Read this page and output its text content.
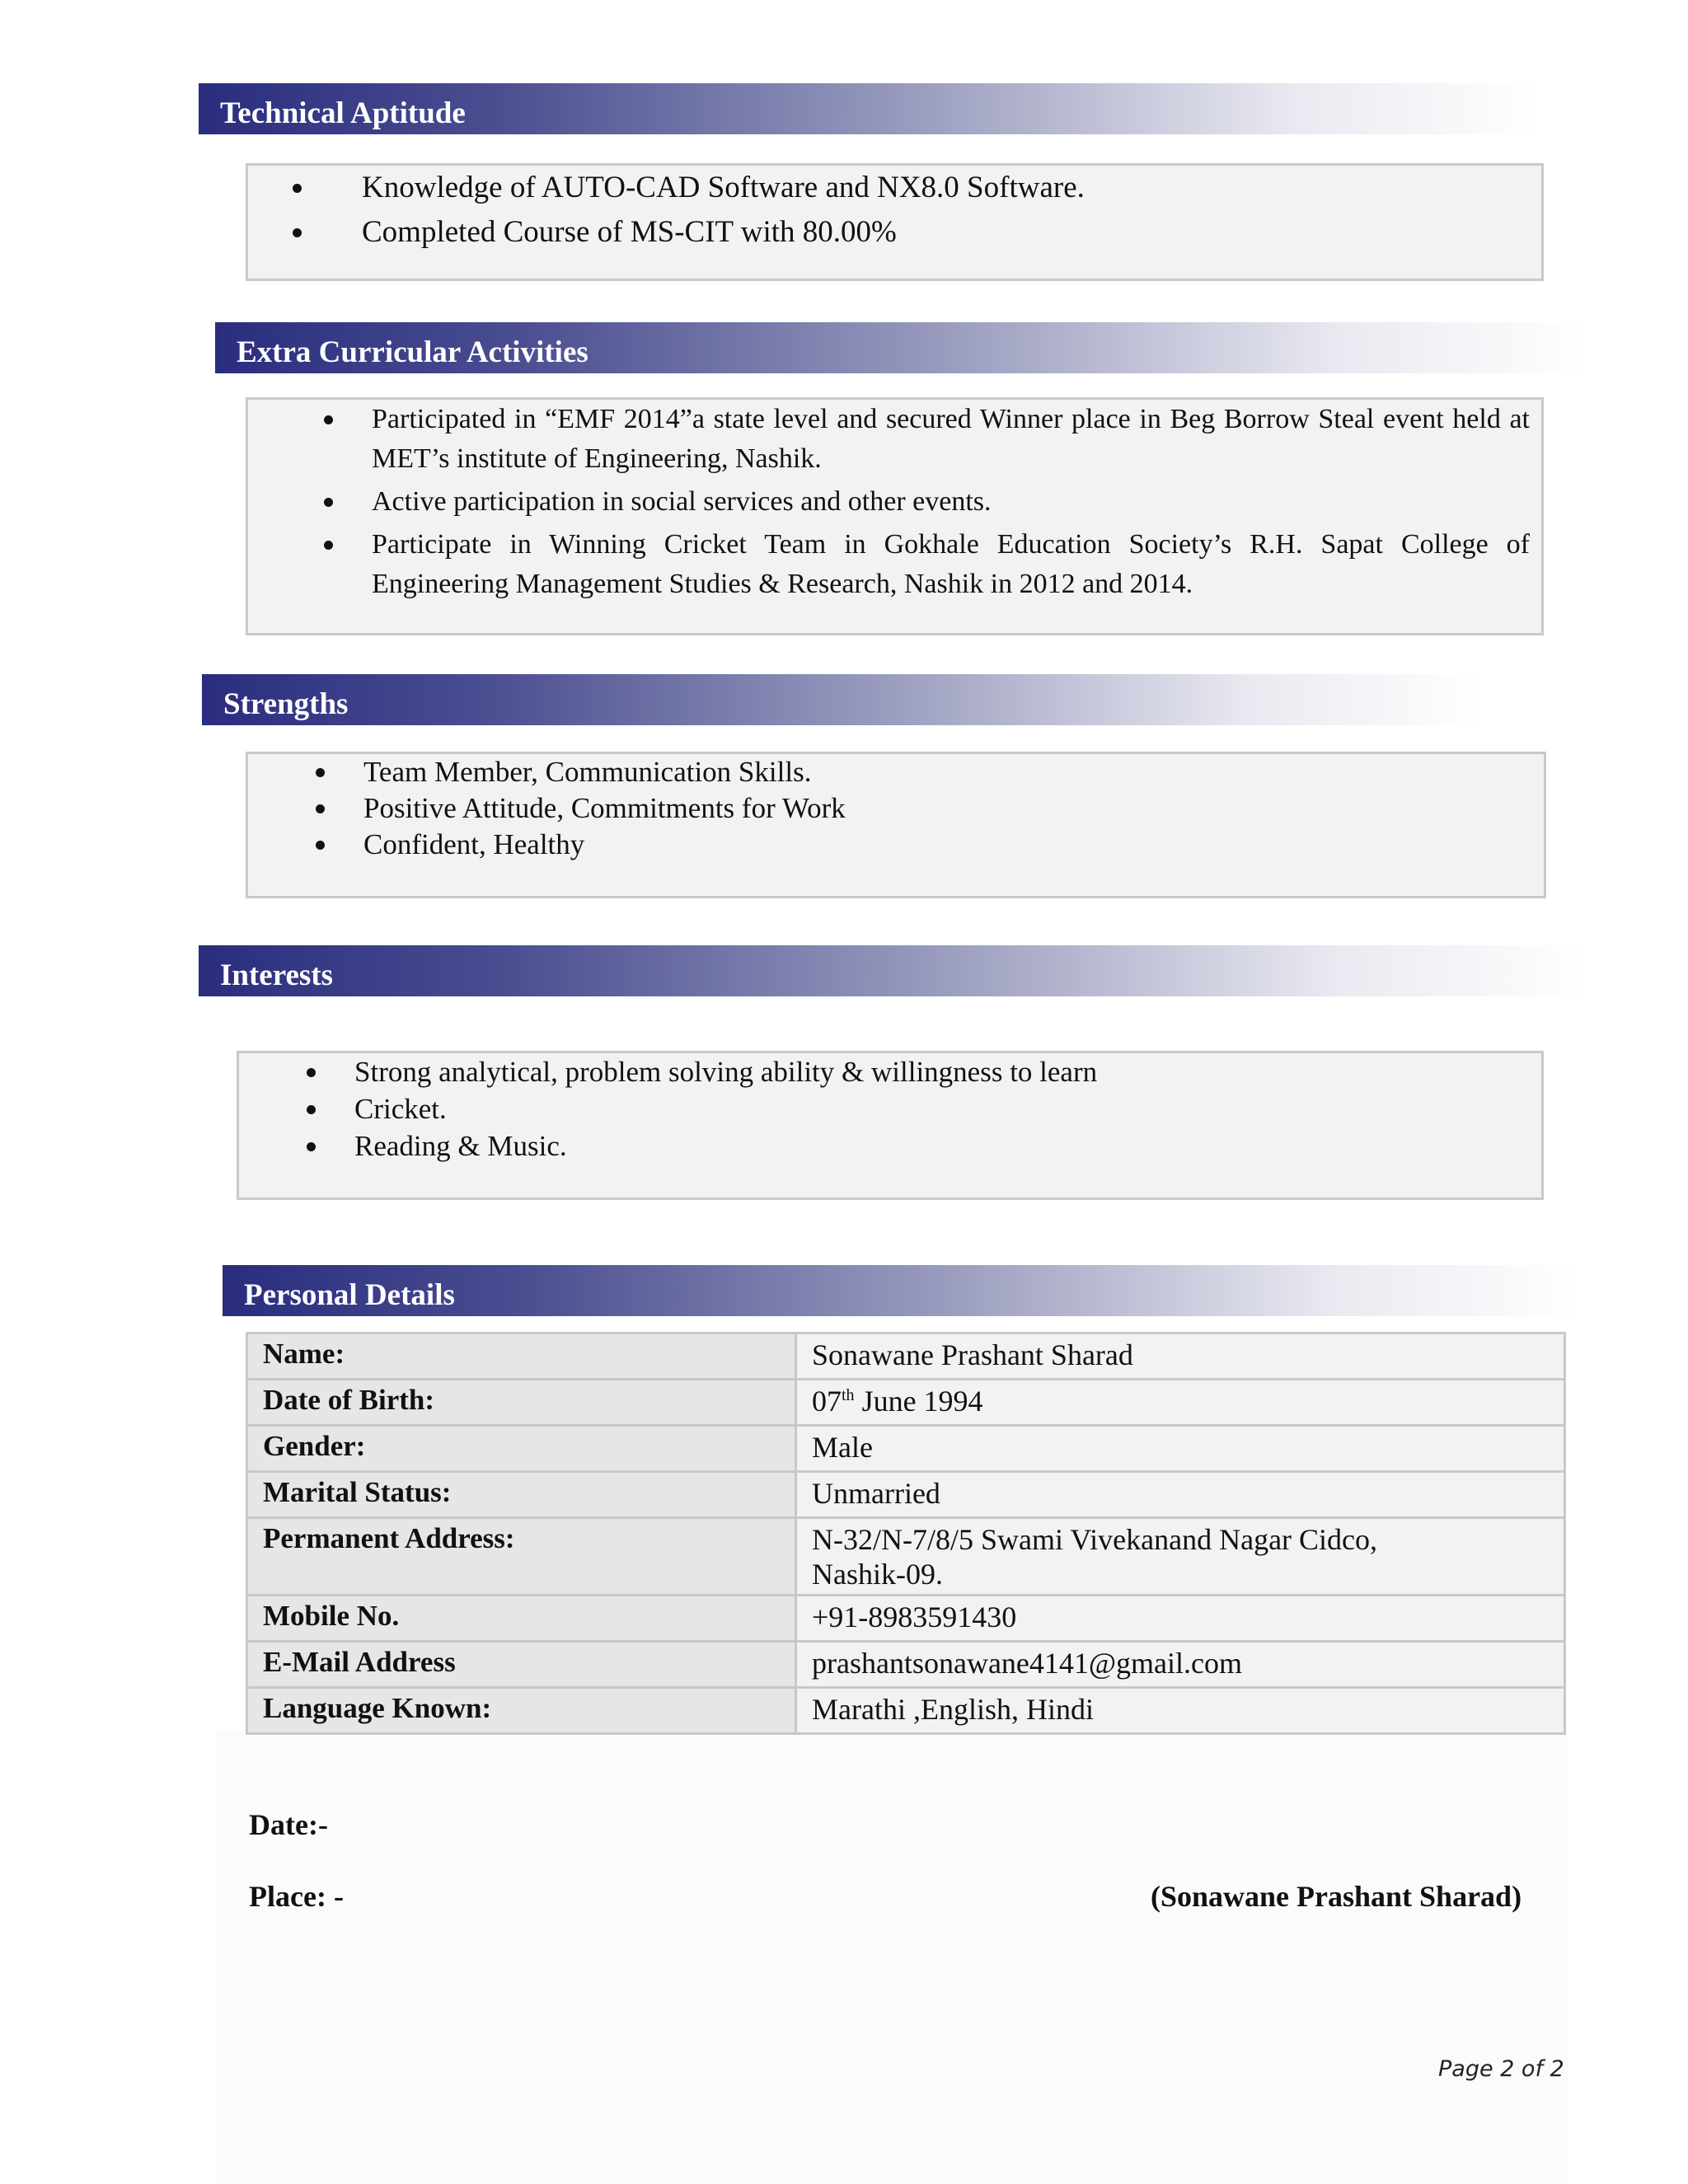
Technical Aptitude
Knowledge of AUTO-CAD Software and NX8.0 Software.
Completed Course of MS-CIT with 80.00%
Extra Curricular Activities
Participated in “EMF 2014”a state level and secured Winner place in Beg Borrow Steal event held at MET’s institute of Engineering, Nashik.
Active participation in social services and other events.
Participate in Winning Cricket Team in Gokhale Education Society’s R.H. Sapat College of Engineering Management Studies & Research, Nashik in 2012 and 2014.
Strengths
Team Member, Communication Skills.
Positive Attitude, Commitments for Work
Confident, Healthy
Interests
Strong analytical, problem solving ability & willingness to learn
Cricket.
Reading & Music.
Personal Details
Name:	Sonawane Prashant Sharad
Date of Birth:	07th June 1994
Gender:	Male
Marital Status:	Unmarried
Permanent Address:	N-32/N-7/8/5 Swami Vivekanand Nagar Cidco,
Nashik-09.

Mobile No.	+91-8983591430
E-Mail Address	prashantsonawane4141@gmail.com
Language Known:	Marathi ,English, Hindi
Date:-
Place: -	(Sonawane Prashant Sharad)
Page 2 of 2
